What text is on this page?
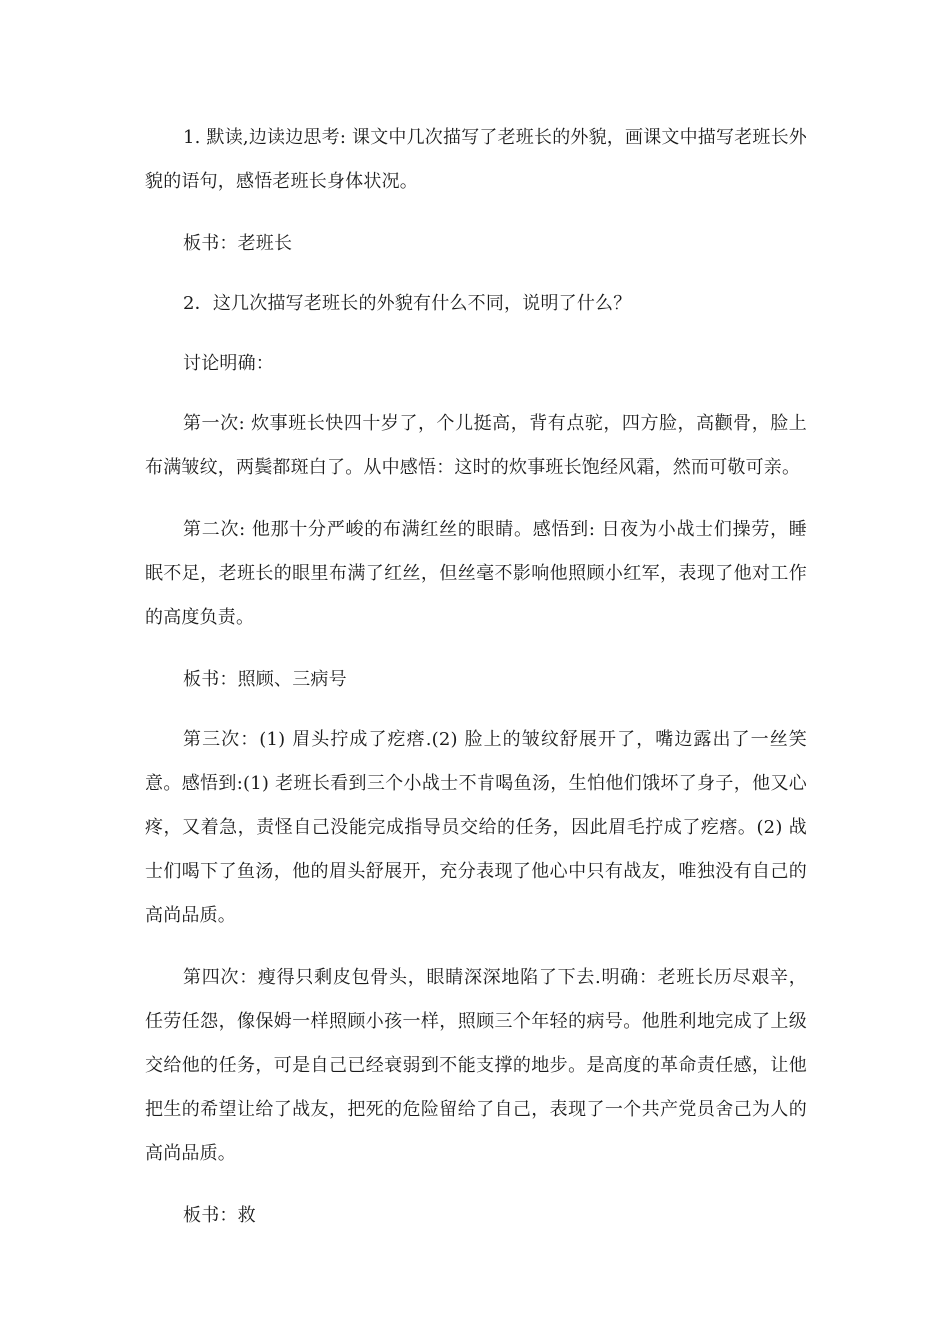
1. 默读,边读边思考: 课文中几次描写了老班长的外貌，画课文中描写老班长外貌的语句，感悟老班长身体状况。

板书：老班长

2．这几次描写老班长的外貌有什么不同，说明了什么？

讨论明确：

第一次: 炊事班长快四十岁了，个儿挺高，背有点驼，四方脸，高颧骨，脸上布满皱纹，两鬓都斑白了。从中感悟：这时的炊事班长饱经风霜，然而可敬可亲。

第二次: 他那十分严峻的布满红丝的眼睛。感悟到: 日夜为小战士们操劳，睡眠不足，老班长的眼里布满了红丝，但丝毫不影响他照顾小红军，表现了他对工作的高度负责。

板书：照顾、三病号

第三次：(1) 眉头拧成了疙瘩.(2) 脸上的皱纹舒展开了，嘴边露出了一丝笑意。感悟到:(1) 老班长看到三个小战士不肯喝鱼汤，生怕他们饿坏了身子，他又心疼，又着急，责怪自己没能完成指导员交给的任务，因此眉毛拧成了疙瘩。(2) 战士们喝下了鱼汤，他的眉头舒展开，充分表现了他心中只有战友，唯独没有自己的高尚品质。

第四次：瘦得只剩皮包骨头，眼睛深深地陷了下去.明确：老班长历尽艰辛，任劳任怨，像保姆一样照顾小孩一样，照顾三个年轻的病号。他胜利地完成了上级交给他的任务，可是自己已经衰弱到不能支撑的地步。是高度的革命责任感，让他把生的希望让给了战友，把死的危险留给了自己，表现了一个共产党员舍己为人的高尚品质。

板书：救
